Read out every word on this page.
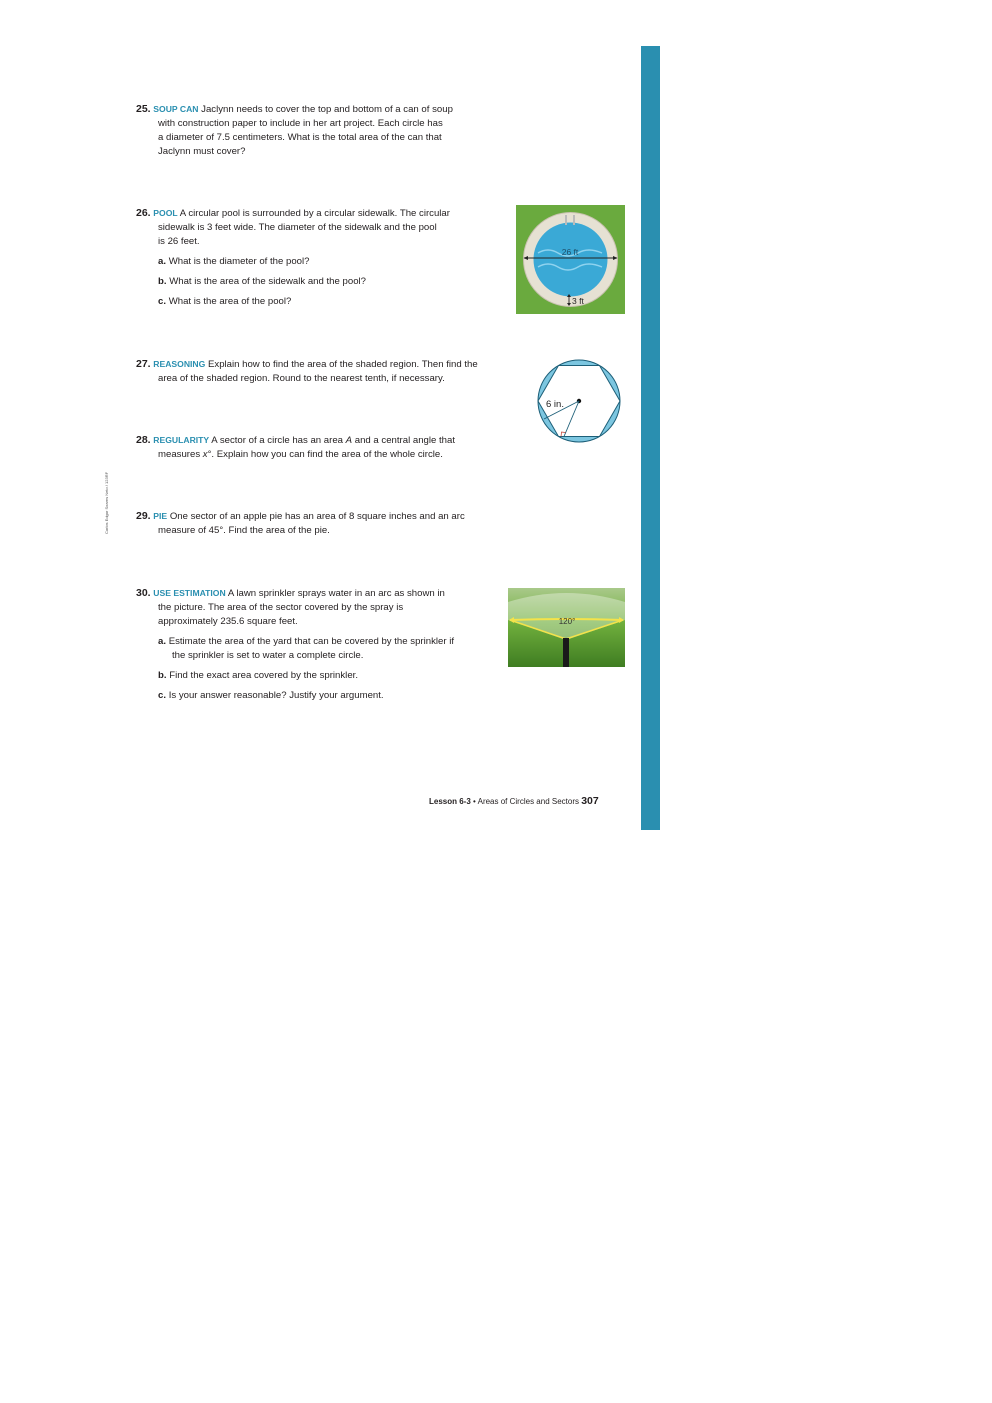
Carlos Edgar Soares Neto / 123RF
25. SOUP CAN Jaclynn needs to cover the top and bottom of a can of soup
with construction paper to include in her art project. Each circle has
a diameter of 7.5 centimeters. What is the total area of the can that
Jaclynn must cover?
26. POOL A circular pool is surrounded by a circular sidewalk. The circular
sidewalk is 3 feet wide. The diameter of the sidewalk and the pool
is 26 feet.
a. What is the diameter of the pool?
b. What is the area of the sidewalk and the pool?
c. What is the area of the pool?
26 ft
3 ft
27. REASONING Explain how to find the area of the shaded region. Then find the
area of the shaded region. Round to the nearest tenth, if necessary.
6 in.
28. REGULARITY A sector of a circle has an area A and a central angle that
measures x°. Explain how you can find the area of the whole circle.
29. PIE One sector of an apple pie has an area of 8 square inches and an arc
measure of 45°. Find the area of the pie.
30. USE ESTIMATION A lawn sprinkler sprays water in an arc as shown in
the picture. The area of the sector covered by the spray is
approximately 235.6 square feet.
a. Estimate the area of the yard that can be covered by the sprinkler if
the sprinkler is set to water a complete circle.
b. Find the exact area covered by the sprinkler.
c. Is your answer reasonable? Justify your argument.
120°
Lesson 6-3 • Areas of Circles and Sectors 307
